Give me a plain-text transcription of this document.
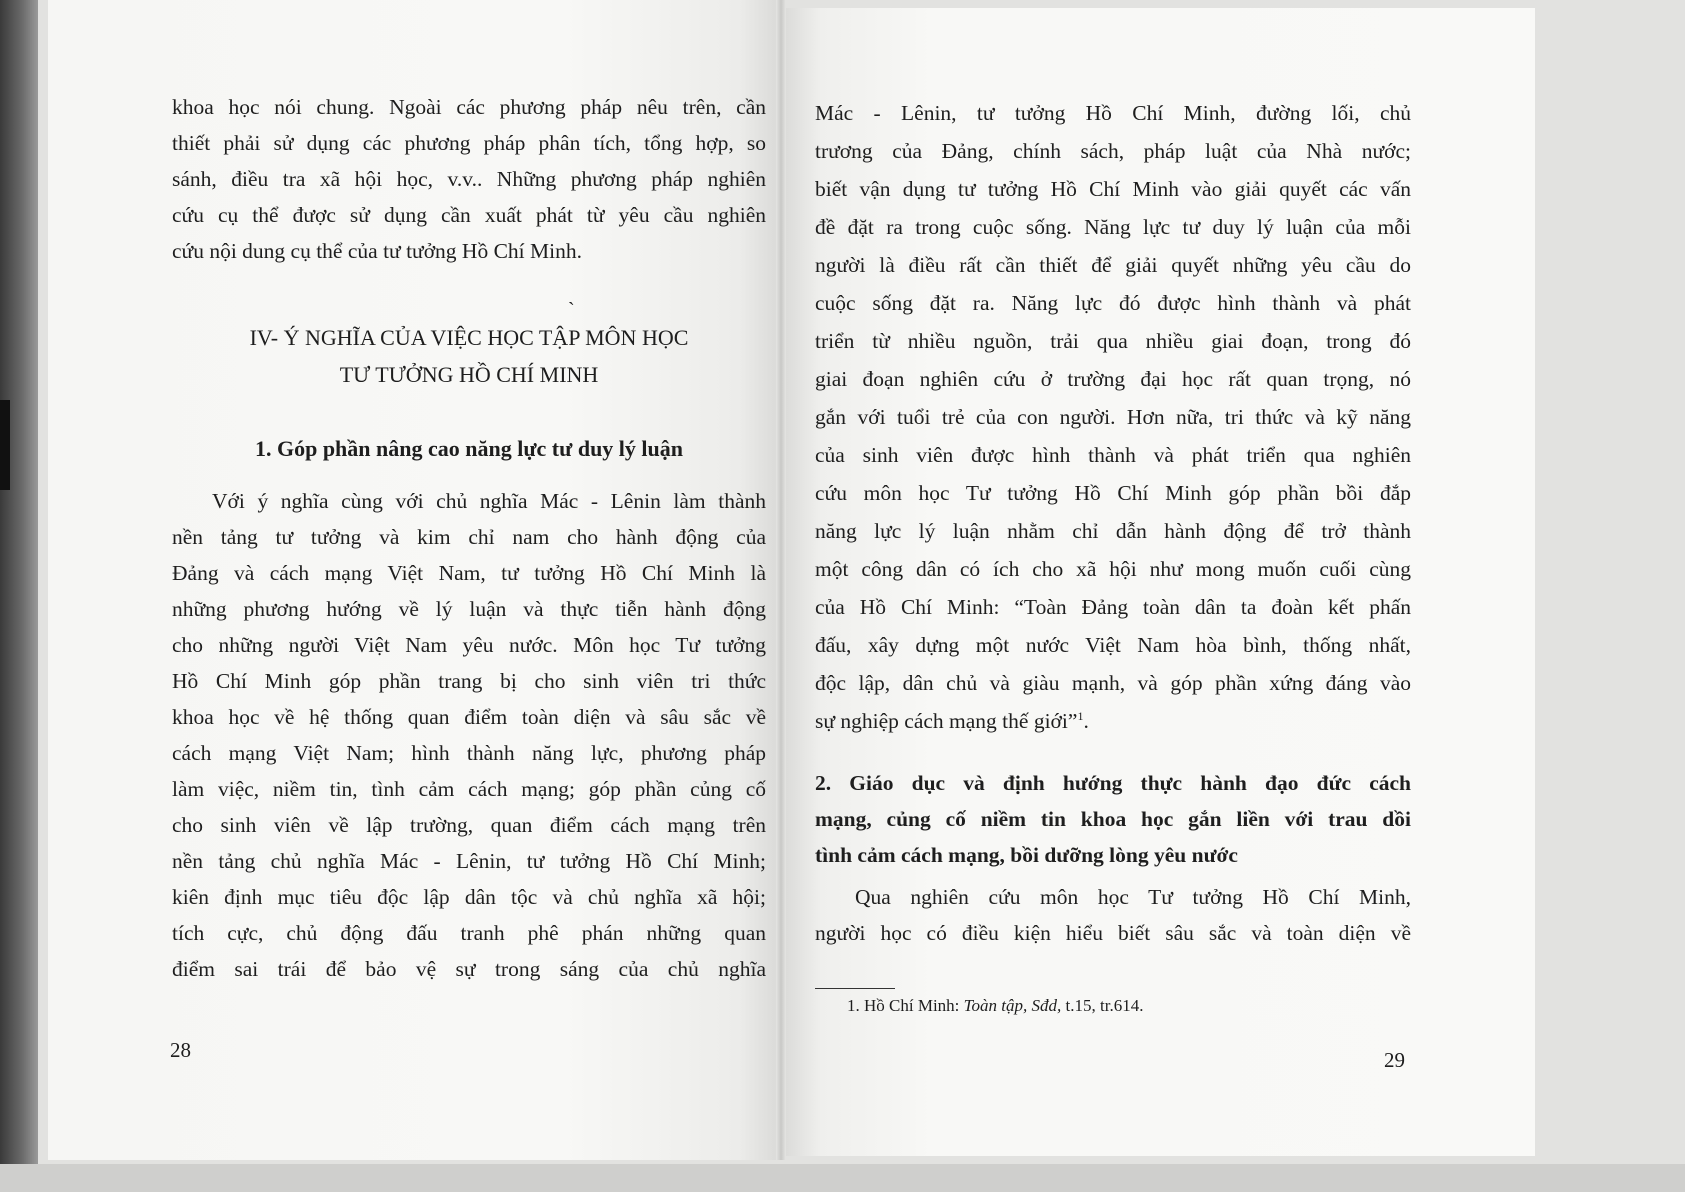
khoa học nói chung. Ngoài các phương pháp nêu trên, cần
thiết phải sử dụng các phương pháp phân tích, tổng hợp, so
sánh, điều tra xã hội học, v.v.. Những phương pháp nghiên
cứu cụ thể được sử dụng cần xuất phát từ yêu cầu nghiên
cứu nội dung cụ thể của tư tưởng Hồ Chí Minh.
`
IV- Ý NGHĨA CỦA VIỆC HỌC TẬP MÔN HỌC
TƯ TƯỞNG HỒ CHÍ MINH
1. Góp phần nâng cao năng lực tư duy lý luận
Với ý nghĩa cùng với chủ nghĩa Mác - Lênin làm thành
nền tảng tư tưởng và kim chỉ nam cho hành động của
Đảng và cách mạng Việt Nam, tư tưởng Hồ Chí Minh là
những phương hướng về lý luận và thực tiễn hành động
cho những người Việt Nam yêu nước. Môn học Tư tưởng
Hồ Chí Minh góp phần trang bị cho sinh viên tri thức
khoa học về hệ thống quan điểm toàn diện và sâu sắc về
cách mạng Việt Nam; hình thành năng lực, phương pháp
làm việc, niềm tin, tình cảm cách mạng; góp phần củng cố
cho sinh viên về lập trường, quan điểm cách mạng trên
nền tảng chủ nghĩa Mác - Lênin, tư tưởng Hồ Chí Minh;
kiên định mục tiêu độc lập dân tộc và chủ nghĩa xã hội;
tích cực, chủ động đấu tranh phê phán những quan
điểm sai trái để bảo vệ sự trong sáng của chủ nghĩa
28
Mác - Lênin, tư tưởng Hồ Chí Minh, đường lối, chủ
trương của Đảng, chính sách, pháp luật của Nhà nước;
biết vận dụng tư tưởng Hồ Chí Minh vào giải quyết các vấn
đề đặt ra trong cuộc sống. Năng lực tư duy lý luận của mỗi
người là điều rất cần thiết để giải quyết những yêu cầu do
cuộc sống đặt ra. Năng lực đó được hình thành và phát
triển từ nhiều nguồn, trải qua nhiều giai đoạn, trong đó
giai đoạn nghiên cứu ở trường đại học rất quan trọng, nó
gắn với tuổi trẻ của con người. Hơn nữa, tri thức và kỹ năng
của sinh viên được hình thành và phát triển qua nghiên
cứu môn học Tư tưởng Hồ Chí Minh góp phần bồi đắp
năng lực lý luận nhằm chỉ dẫn hành động để trở thành
một công dân có ích cho xã hội như mong muốn cuối cùng
của Hồ Chí Minh: “Toàn Đảng toàn dân ta đoàn kết phấn
đấu, xây dựng một nước Việt Nam hòa bình, thống nhất,
độc lập, dân chủ và giàu mạnh, và góp phần xứng đáng vào
sự nghiệp cách mạng thế giới”$^1$.
2. Giáo dục và định hướng thực hành đạo đức cách
mạng, củng cố niềm tin khoa học gắn liền với trau dồi
tình cảm cách mạng, bồi dưỡng lòng yêu nước
Qua nghiên cứu môn học Tư tưởng Hồ Chí Minh,
người học có điều kiện hiểu biết sâu sắc và toàn diện về
1. Hồ Chí Minh: Toàn tập, Sđd, t.15, tr.614.
29
